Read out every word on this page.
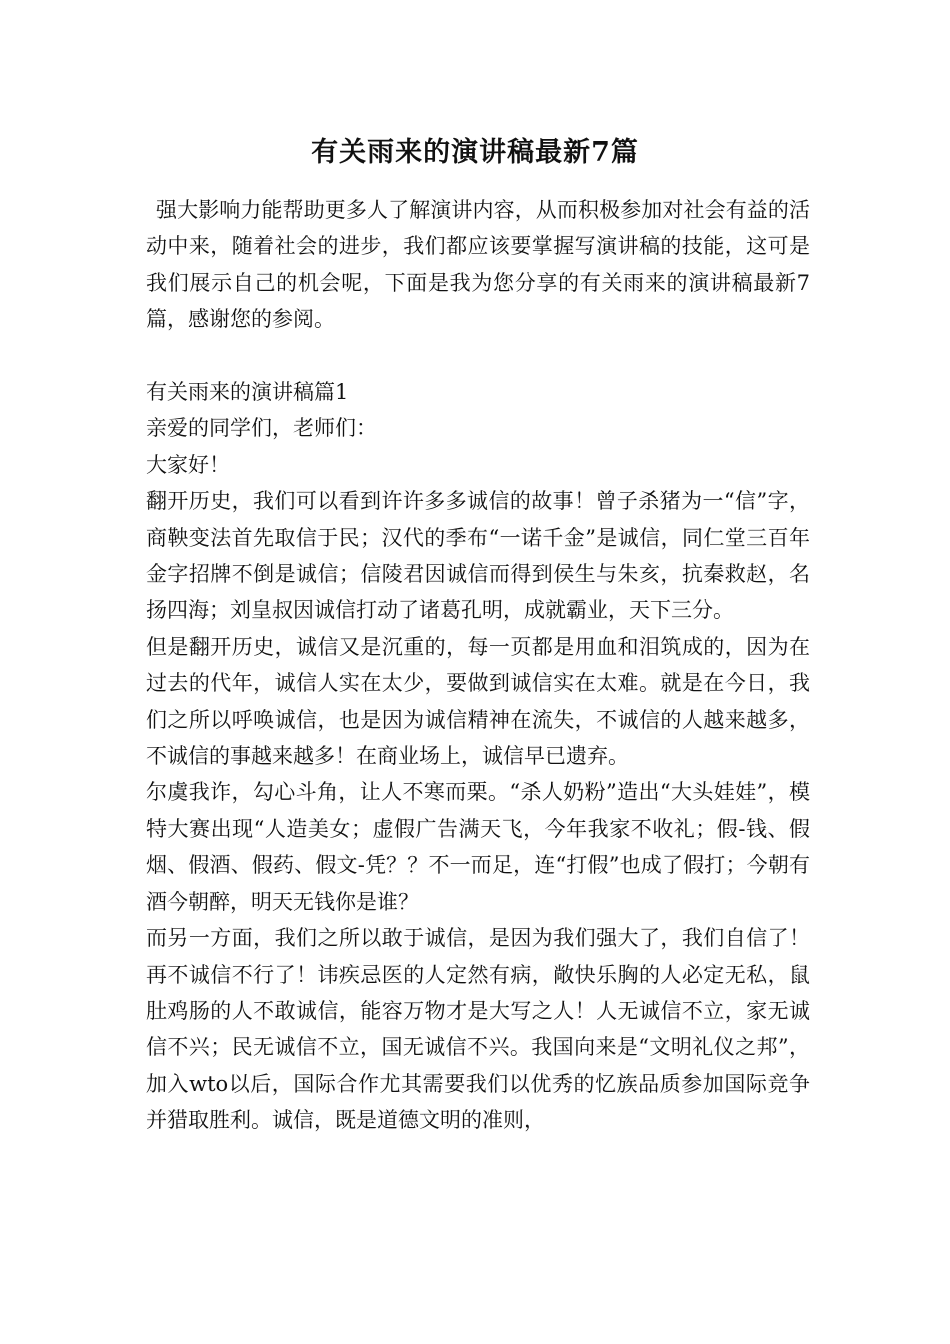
有关雨来的演讲稿最新7篇

强大影响力能帮助更多人了解演讲内容，从而积极参加对社会有益的活动中来，随着社会的进步，我们都应该要掌握写演讲稿的技能，这可是我们展示自己的机会呢，下面是我为您分享的有关雨来的演讲稿最新7篇，感谢您的参阅。

有关雨来的演讲稿篇1

亲爱的同学们，老师们：

大家好！

翻开历史，我们可以看到许许多多诚信的故事！曾子杀猪为一“信”字，商鞅变法首先取信于民；汉代的季布“一诺千金”是诚信，同仁堂三百年金字招牌不倒是诚信；信陵君因诚信而得到侯生与朱亥，抗秦救赵，名扬四海；刘皇叔因诚信打动了诸葛孔明，成就霸业，天下三分。

但是翻开历史，诚信又是沉重的，每一页都是用血和泪筑成的，因为在过去的代年，诚信人实在太少，要做到诚信实在太难。就是在今日，我们之所以呼唤诚信，也是因为诚信精神在流失，不诚信的人越来越多，不诚信的事越来越多！在商业场上，诚信早已遗弃。

尔虞我诈，勾心斗角，让人不寒而栗。“杀人奶粉”造出“大头娃娃”，模特大赛出现“人造美女；虚假广告满天飞，今年我家不收礼；假-钱、假烟、假酒、假药、假文-凭？？不一而足，连“打假”也成了假打；今朝有酒今朝醉，明天无钱你是谁？

而另一方面，我们之所以敢于诚信，是因为我们强大了，我们自信了！再不诚信不行了！讳疾忌医的人定然有病，敞快乐胸的人必定无私，鼠肚鸡肠的人不敢诚信，能容万物才是大写之人！人无诚信不立，家无诚信不兴；民无诚信不立，国无诚信不兴。我国向来是“文明礼仪之邦”，加入wto以后，国际合作尤其需要我们以优秀的忆族品质参加国际竞争并猎取胜利。诚信，既是道德文明的准则，
